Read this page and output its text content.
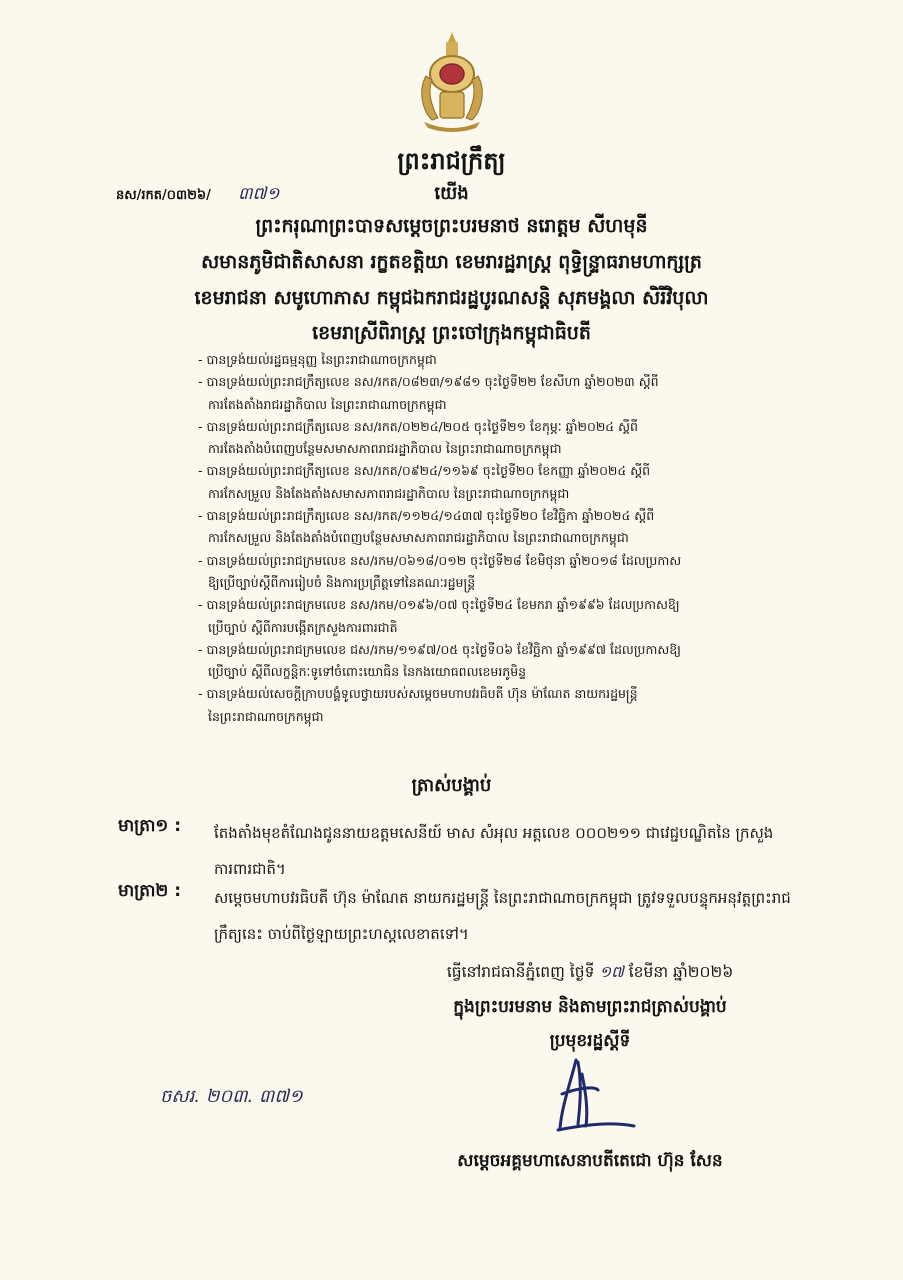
ព្រះរាជក្រឹត្យ
នស/រកត/០៣២៦/ ៣៧១	យើង
ព្រះករុណាព្រះបាទសម្តេចព្រះបរមនាថ នរោត្តម សីហមុនី
សមានភូមិជាតិសាសនា រក្ខតខត្តិយា ខេមរារដ្ឋរាស្ត្រ ពុទ្ធិន្ទ្រាធរាមហាក្សត្រ
ខេមរាជនា សមូហោភាស កម្ពុជឯករាជរដ្ឋបូរណសន្តិ សុភមង្គលា សិរីវិបុលា
ខេមរាស្រីពិរាស្ត្រ ព្រះចៅក្រុងកម្ពុជាធិបតី
- បានទ្រង់យល់រដ្ឋធម្មនុញ្ញ នៃព្រះរាជាណាចក្រកម្ពុជា
- បានទ្រង់យល់ព្រះរាជក្រឹត្យលេខ នស/រកត/០៨២៣/១៩៨១ ចុះថ្ងៃទី២២ ខែសីហា ឆ្នាំ២០២៣ ស្តីពី
ការតែងតាំងរាជរដ្ឋាភិបាល នៃព្រះរាជាណាចក្រកម្ពុជា
- បានទ្រង់យល់ព្រះរាជក្រឹត្យលេខ នស/រកត/០២២៤/២០៥ ចុះថ្ងៃទី២១ ខែកុម្ភៈ ឆ្នាំ២០២៤ ស្តីពី
ការតែងតាំងបំពេញបន្ថែមសមាសភាពរាជរដ្ឋាភិបាល នៃព្រះរាជាណាចក្រកម្ពុជា
- បានទ្រង់យល់ព្រះរាជក្រឹត្យលេខ នស/រកត/០៩២៤/១១៦៩ ចុះថ្ងៃទី២០ ខែកញ្ញា ឆ្នាំ២០២៤ ស្តីពី
ការកែសម្រួល និងតែងតាំងសមាសភាពរាជរដ្ឋាភិបាល នៃព្រះរាជាណាចក្រកម្ពុជា
- បានទ្រង់យល់ព្រះរាជក្រឹត្យលេខ នស/រកត/១១២៤/១៤៣៧ ចុះថ្ងៃទី២០ ខែវិច្ឆិកា ឆ្នាំ២០២៤ ស្តីពី
ការកែសម្រួល និងតែងតាំងបំពេញបន្ថែមសមាសភាពរាជរដ្ឋាភិបាល នៃព្រះរាជាណាចក្រកម្ពុជា
- បានទ្រង់យល់ព្រះរាជក្រមលេខ នស/រកម/០៦១៨/០១២ ចុះថ្ងៃទី២៨ ខែមិថុនា ឆ្នាំ២០១៨ ដែលប្រកាស
ឱ្យប្រើច្បាប់ស្តីពីការរៀបចំ និងការប្រព្រឹត្តទៅនៃគណៈរដ្ឋមន្ត្រី
- បានទ្រង់យល់ព្រះរាជក្រមលេខ នស/រកម/០១៩៦/០៧ ចុះថ្ងៃទី២៤ ខែមករា ឆ្នាំ១៩៩៦ ដែលប្រកាសឱ្យ
ប្រើច្បាប់ ស្តីពីការបង្កើតក្រសួងការពារជាតិ
- បានទ្រង់យល់ព្រះរាជក្រមលេខ ជស/រកម/១១៩៧/០៥ ចុះថ្ងៃទី០៦ ខែវិច្ឆិកា ឆ្នាំ១៩៩៧ ដែលប្រកាសឱ្យ
ប្រើច្បាប់ ស្តីពីលក្ខន្តិកៈទូទៅចំពោះយោធិន នៃកងយោធពលខេមរភូមិន្ទ
- បានទ្រង់យល់សេចក្តីក្រាបបង្គំទូលថ្វាយរបស់សម្តេចមហាបវរធិបតី ហ៊ុន ម៉ាណែត នាយករដ្ឋមន្ត្រី
នៃព្រះរាជាណាចក្រកម្ពុជា
ត្រាស់បង្គាប់
មាត្រា១ : តែងតាំងមុខតំណែងជូននាយឧត្តមសេនីយ៍ មាស សំអុល អត្តលេខ ០០០២១១ ជាវេជ្ជបណ្ឌិតនៃ ក្រសួងការពារជាតិ។
មាត្រា២ : សម្តេចមហាបវរធិបតី ហ៊ុន ម៉ាណែត នាយករដ្ឋមន្ត្រី នៃព្រះរាជាណាចក្រកម្ពុជា ត្រូវទទួលបន្ទុកអនុវត្តព្រះរាជក្រឹត្យនេះ ចាប់ពីថ្ងៃឡាយព្រះហស្តលេខាតទៅ។
ធ្វើនៅរាជធានីភ្នំពេញ ថ្ងៃទី ១៧ ខែមីនា ឆ្នាំ២០២៦
ក្នុងព្រះបរមនាម និងតាមព្រះរាជត្រាស់បង្គាប់
ប្រមុខរដ្ឋស្តីទី
ចសរ. ២០៣. ៣៧១
សម្តេចអគ្គមហាសេនាបតីតេជោ ហ៊ុន សែន
